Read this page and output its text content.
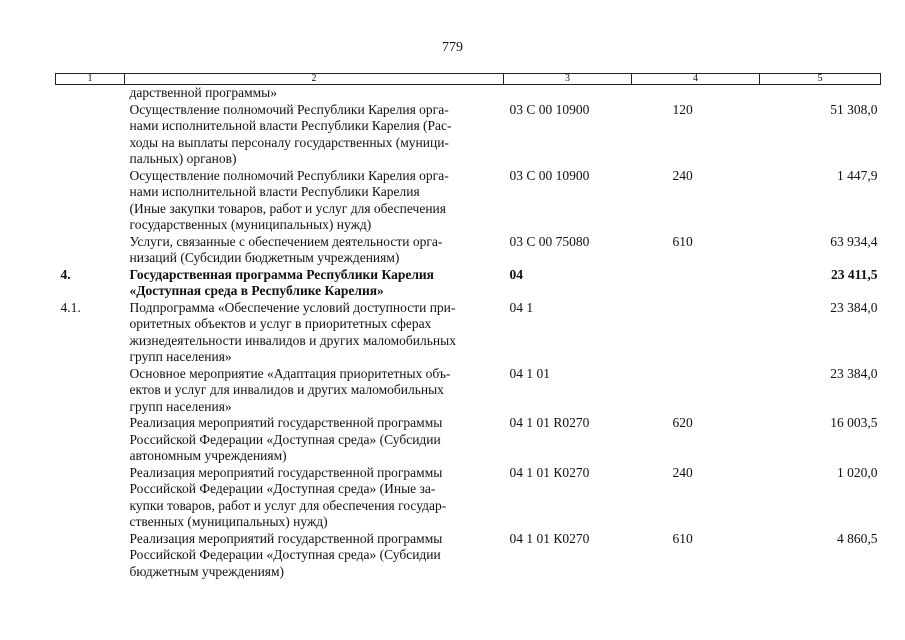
779
1	2	3	4	5

	дарственной программы»			

	Осуществление полномочий Республики Карелия орга-
нами исполнительной власти Республики Карелия (Рас-
ходы на выплаты персоналу государственных (муници-
пальных) органов)	03 С 00 10900	120	51 308,0

	Осуществление полномочий Республики Карелия орга-
нами исполнительной власти Республики Карелия
(Иные закупки товаров, работ и услуг для обеспечения
государственных (муниципальных) нужд)	03 С 00 10900	240	1 447,9

	Услуги, связанные с обеспечением деятельности орга-
низаций (Субсидии бюджетным учреждениям)	03 С 00 75080	610	63 934,4
4.	Государственная программа Республики Карелия
«Доступная среда в Республике Карелия»	04		23 411,5
4.1.	Подпрограмма «Обеспечение условий доступности при-
оритетных объектов и услуг в приоритетных сферах
жизнедеятельности инвалидов и других маломобильных
групп населения»	04 1		23 384,0

	Основное мероприятие «Адаптация приоритетных объ-
ектов и услуг для инвалидов и других маломобильных
групп населения»	04 1 01		23 384,0

	Реализация мероприятий государственной программы
Российской Федерации «Доступная среда» (Субсидии
автономным учреждениям)	04 1 01 R0270	620	16 003,5

	Реализация мероприятий государственной программы
Российской Федерации «Доступная среда» (Иные за-
купки товаров, работ и услуг для обеспечения государ-
ственных (муниципальных) нужд)	04 1 01 К0270	240	1 020,0

	Реализация мероприятий государственной программы
Российской Федерации «Доступная среда» (Субсидии
бюджетным учреждениям)	04 1 01 К0270	610	4 860,5
